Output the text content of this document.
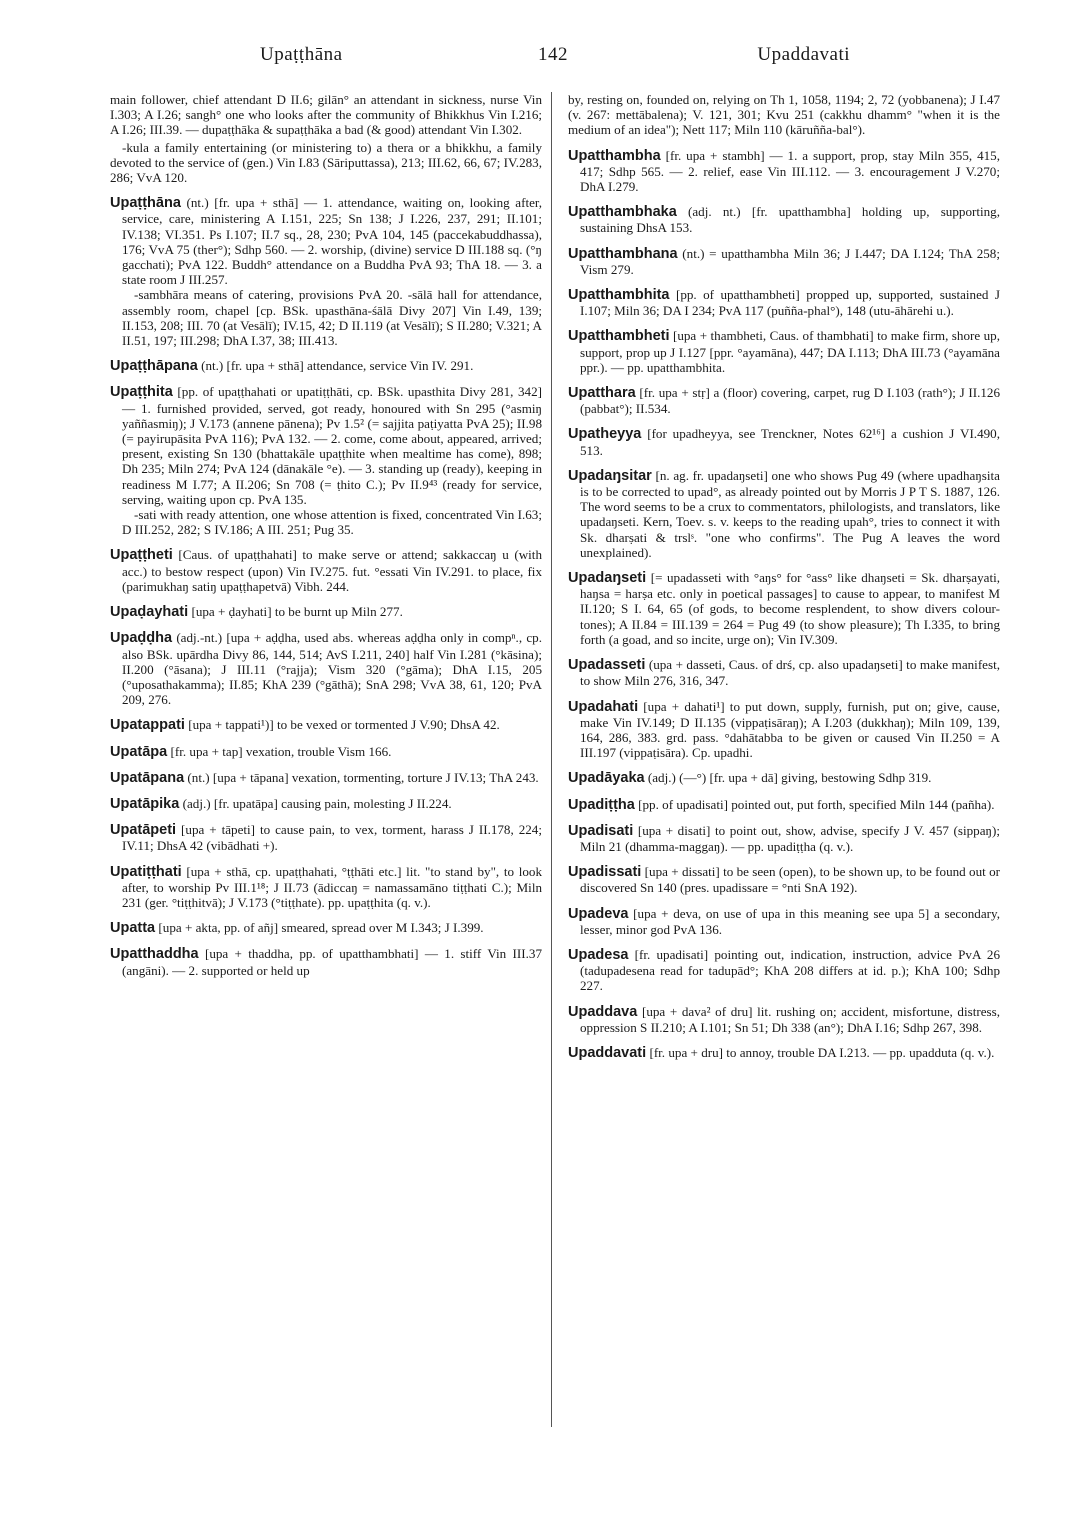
Upaṭṭhāna	142	Upaddavati

main follower, chief attendant D II.6; gilān° an attendant in sickness, nurse Vin I.303; A I.26; sangh° one who looks after the community of Bhikkhus Vin I.216; A I.26; III.39. — dupaṭṭhāka & supaṭṭhāka a bad (& good) attendant Vin I.302.

-kula a family entertaining (or ministering to) a thera or a bhikkhu, a family devoted to the service of (gen.) Vin I.83 (Sāriputtassa), 213; III.62, 66, 67; IV.283, 286; VvA 120.

Upaṭṭhāna (nt.) [fr. upa + sthā] — 1. attendance, waiting on, looking after, service, care, ministering A I.151, 225; Sn 138; J I.226, 237, 291; II.101; IV.138; VI.351. Ps I.107; II.7 sq., 28, 230; PvA 104, 145 (paccekabuddhassa), 176; VvA 75 (ther°); Sdhp 560. — 2. worship, (divine) service D III.188 sq. (°ŋ gacchati); PvA 122. Buddh° attendance on a Buddha PvA 93; ThA 18. — 3. a state room J III.257.

-sambhāra means of catering, provisions PvA 20. -sālā hall for attendance, assembly room, chapel [cp. BSk. upasthāna-śālā Divy 207] Vin I.49, 139; II.153, 208; III. 70 (at Vesālī); IV.15, 42; D II.119 (at Vesālī); S II.280; V.321; A II.51, 197; III.298; DhA I.37, 38; III.413.

Upaṭṭhāpana (nt.) [fr. upa + sthā] attendance, service Vin IV. 291.

Upaṭṭhita [pp. of upaṭṭhahati or upatiṭṭhāti, cp. BSk. upasthita Divy 281, 342] — 1. furnished provided, served, got ready, honoured with Sn 295 (°asmiŋ yaññasmiŋ); J V.173 (annene pānena); Pv 1.5² (= sajjita paṭiyatta PvA 25); II.98 (= payirupāsita PvA 116); PvA 132. — 2. come, come about, appeared, arrived; present, existing Sn 130 (bhattakāle upaṭṭhite when mealtime has come), 898; Dh 235; Miln 274; PvA 124 (dānakāle °e). — 3. standing up (ready), keeping in readiness M I.77; A II.206; Sn 708 (= ṭhito C.); Pv II.9⁴³ (ready for service, serving, waiting upon cp. PvA 135.

-sati with ready attention, one whose attention is fixed, concentrated Vin I.63; D III.252, 282; S IV.186; A III. 251; Pug 35.

Upaṭṭheti [Caus. of upaṭṭhahati] to make serve or attend; sakkaccaŋ u (with acc.) to bestow respect (upon) Vin IV.275. fut. °essati Vin IV.291. to place, fix (parimukhaŋ satiŋ upaṭṭhapetvā) Vibh. 244.

Upaḍayhati [upa + ḍayhati] to be burnt up Miln 277.

Upaḍḍha (adj.-nt.) [upa + aḍḍha, used abs. whereas aḍḍha only in compⁿ., cp. also BSk. upārdha Divy 86, 144, 514; AvS I.211, 240] half Vin I.281 (°kāsina); II.200 (°āsana); J III.11 (°rajja); Vism 320 (°gāma); DhA I.15, 205 (°uposathakamma); II.85; KhA 239 (°gāthā); SnA 298; VvA 38, 61, 120; PvA 209, 276.

Upatappati [upa + tappati¹)] to be vexed or tormented J V.90; DhsA 42.

Upatāpa [fr. upa + tap] vexation, trouble Vism 166.

Upatāpana (nt.) [upa + tāpana] vexation, tormenting, torture J IV.13; ThA 243.

Upatāpika (adj.) [fr. upatāpa] causing pain, molesting J II.224.

Upatāpeti [upa + tāpeti] to cause pain, to vex, torment, harass J II.178, 224; IV.11; DhsA 42 (vibādhati +).

Upatiṭṭhati [upa + sthā, cp. upaṭṭhahati, °ṭṭhāti etc.] lit. "to stand by", to look after, to worship Pv III.1¹⁸; J II.73 (ādiccaŋ = namassamāno tiṭṭhati C.); Miln 231 (ger. °tiṭṭhitvā); J V.173 (°tiṭṭhate). pp. upaṭṭhita (q. v.).

Upatta [upa + akta, pp. of añj] smeared, spread over M I.343; J I.399.

Upatthaddha [upa + thaddha, pp. of upatthambhati] — 1. stiff Vin III.37 (angāni). — 2. supported or held up

by, resting on, founded on, relying on Th 1, 1058, 1194; 2, 72 (yobbanena); J I.47 (v. 267: mettābalena); V. 121, 301; Kvu 251 (cakkhu dhamm° "when it is the medium of an idea"); Nett 117; Miln 110 (kāruñña-bal°).

Upatthambha [fr. upa + stambh] — 1. a support, prop, stay Miln 355, 415, 417; Sdhp 565. — 2. relief, ease Vin III.112. — 3. encouragement J V.270; DhA I.279.

Upatthambhaka (adj. nt.) [fr. upatthambha] holding up, supporting, sustaining DhsA 153.

Upatthambhana (nt.) = upatthambha Miln 36; J I.447; DA I.124; ThA 258; Vism 279.

Upatthambhita [pp. of upatthambheti] propped up, supported, sustained J I.107; Miln 36; DA I 234; PvA 117 (puñña-phal°), 148 (utu-āhārehi u.).

Upatthambheti [upa + thambheti, Caus. of thambhati] to make firm, shore up, support, prop up J I.127 [ppr. °ayamāna), 447; DA I.113; DhA III.73 (°ayamāna ppr.). — pp. upatthambhita.

Upatthara [fr. upa + stṛ] a (floor) covering, carpet, rug D I.103 (rath°); J II.126 (pabbat°); II.534.

Upatheyya [for upadheyya, see Trenckner, Notes 62¹⁶] a cushion J VI.490, 513.

Upadaŋsitar [n. ag. fr. upadaŋseti] one who shows Pug 49 (where upadhaŋsita is to be corrected to upad°, as already pointed out by Morris J P T S. 1887, 126. The word seems to be a crux to commentators, philologists, and translators, like upadaŋseti. Kern, Toev. s. v. keeps to the reading upah°, tries to connect it with Sk. dharṣati & trslˢ. "one who confirms". The Pug A leaves the word unexplained).

Upadaŋseti [= upadasseti with °aŋs° for °ass° like dhaŋseti = Sk. dharṣayati, haŋsa = harṣa etc. only in poetical passages] to cause to appear, to manifest M II.120; S I. 64, 65 (of gods, to become resplendent, to show divers colour-tones); A II.84 = III.139 = 264 = Pug 49 (to show pleasure); Th I.335, to bring forth (a goad, and so incite, urge on); Vin IV.309.

Upadasseti (upa + dasseti, Caus. of drś, cp. also upadaŋseti] to make manifest, to show Miln 276, 316, 347.

Upadahati [upa + dahati¹] to put down, supply, furnish, put on; give, cause, make Vin IV.149; D II.135 (vippaṭisāraŋ); A I.203 (dukkhaŋ); Miln 109, 139, 164, 286, 383. grd. pass. °dahātabba to be given or caused Vin II.250 = A III.197 (vippaṭisāra). Cp. upadhi.

Upadāyaka (adj.) (—°) [fr. upa + dā] giving, bestowing Sdhp 319.

Upadiṭṭha [pp. of upadisati] pointed out, put forth, specified Miln 144 (pañha).

Upadisati [upa + disati] to point out, show, advise, specify J V. 457 (sippaŋ); Miln 21 (dhamma-maggaŋ). — pp. upadiṭṭha (q. v.).

Upadissati [upa + dissati] to be seen (open), to be shown up, to be found out or discovered Sn 140 (pres. upadissare = °nti SnA 192).

Upadeva [upa + deva, on use of upa in this meaning see upa 5] a secondary, lesser, minor god PvA 136.

Upadesa [fr. upadisati] pointing out, indication, instruction, advice PvA 26 (tadupadesena read for tadupād°; KhA 208 differs at id. p.); KhA 100; Sdhp 227.

Upaddava [upa + dava² of dru] lit. rushing on; accident, misfortune, distress, oppression S II.210; A I.101; Sn 51; Dh 338 (an°); DhA I.16; Sdhp 267, 398.

Upaddavati [fr. upa + dru] to annoy, trouble DA I.213. — pp. upadduta (q. v.).
